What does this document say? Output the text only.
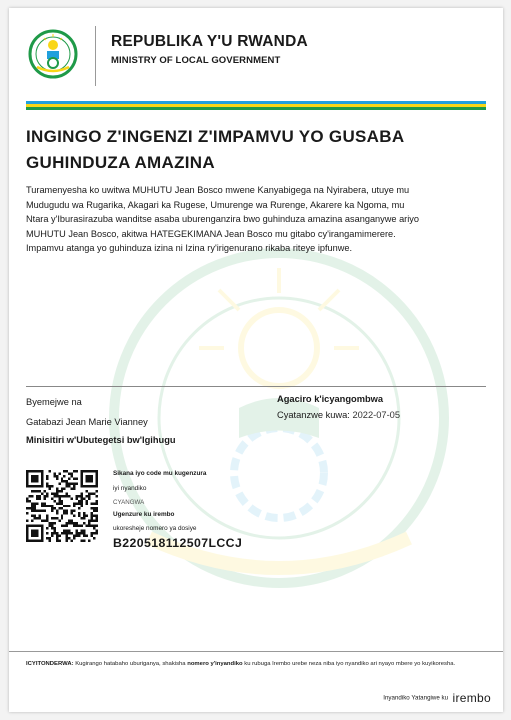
REPUBLIKA Y'U RWANDA
MINISTRY OF LOCAL GOVERNMENT
INGINGO Z'INGENZI Z'IMPAMVU YO GUSABA
GUHINDUZA AMAZINA
Turamenyesha ko uwitwa MUHUTU Jean Bosco mwene Kanyabigega na Nyirabera, utuye mu
Mudugudu wa Rugarika, Akagari ka Rugese, Umurenge wa Rurenge, Akarere ka Ngoma, mu
Ntara y'Iburasirazuba wanditse asaba uburenganzira bwo guhinduza amazina asanganywe ariyo
MUHUTU Jean Bosco, akitwa HATEGEKIMANA Jean Bosco mu gitabo cy'irangamimerere.
Impamvu atanga yo guhinduza izina ni Izina ry'irigenurano rikaba riteye ipfunwe.
Byemejwe na
Gatabazi Jean Marie Vianney
Minisitiri w'Ubutegetsi bw'Igihugu
Agaciro k'icyangombwa
Cyatanzwe kuwa: 2022-07-05
Sikana iyo code mu kugenzura
iyi nyandiko
CYANGWA
Ugenzure ku irembo
ukoresheje nomero ya dosiye
B220518112507LCCJ
ICYITONDERWA: Kugirango hatabaho uburiganya, shakisha nomero y'inyandiko ku rubuga Irembo urebe neza niba iyo nyandiko ari nyayo mbere yo kuyikoresha.
Inyandiko Yatangiwe ku irembo
